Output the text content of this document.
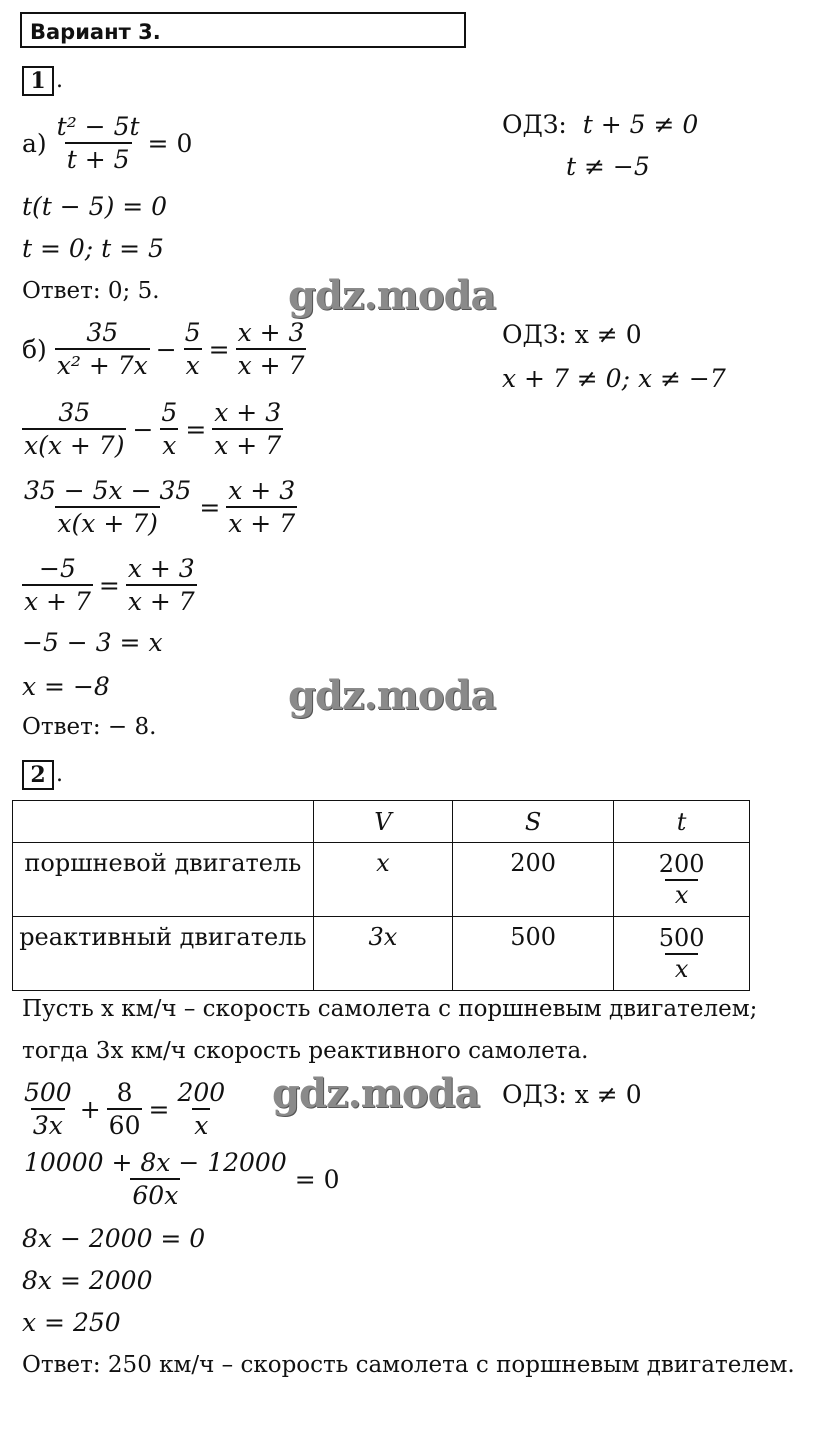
Вариант 3.
1 .
$а) \frac{\text{t² − 5t}}{t + 5} = 0$
ОДЗ: t + 5 ≠ 0
t ≠ −5
t(t − 5) = 0
t = 0; t = 5
Ответ: 0; 5.
$б) \frac{35}{\text{x² + 7x}} - \frac{5}{x} = \frac{x + 3}{x + 7}$	ОДЗ: x ≠ 0
x + 7 ≠ 0; x ≠ −7
$\frac{35}{x(x + 7)} - \frac{5}{x} = \frac{x + 3}{x + 7}$
$\frac{35 - 5x - 35}{x(x + 7)} = \frac{x + 3}{x + 7}$
$\frac{-5}{x + 7} = \frac{x + 3}{x + 7}$
−5 − 3 = x
x = −8
Ответ: − 8.
2 .
	V	S	t
поршневой двигатель	x	200	$\frac{200}{x}$

реактивный двигатель	3x	500	$\frac{500}{x}$
Пусть x км/ч – скорость самолета с поршневым двигателем;
тогда 3x км/ч скорость реактивного самолета.
$\frac{500}{3x} + \frac{8}{60} = \frac{200}{x}$	ОДЗ: x ≠ 0
$\frac{10000 + 8x - 12000}{60x} = 0$
8x − 2000 = 0
8x = 2000
x = 250
Ответ: 250 км/ч – скорость самолета с поршневым двигателем.
gdz.moda
gdz.moda
gdz.moda
